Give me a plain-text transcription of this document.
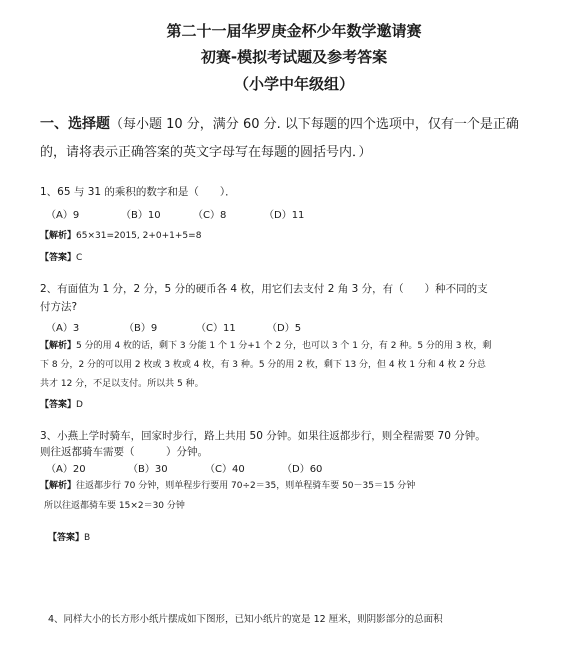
第二十一届华罗庚金杯少年数学邀请赛
初赛-模拟考试题及参考答案
（小学中年级组）
一、选择题（每小题 10 分，满分 60 分. 以下每题的四个选项中，仅有一个是正确
的，请将表示正确答案的英文字母写在每题的圆括号内．）
1、65 与 31 的乘积的数字和是（　　）．
（A）9	（B）10	（C）8	（D）11
【解析】65×31=2015, 2+0+1+5=8
【答案】C
2、有面值为 1 分，2 分，5 分的硬币各 4 枚，用它们去支付 2 角 3 分，有（　　）种不同的支
付方法?
（A）3	（B）9	（C）11	（D）5
【解析】5 分的用 4 枚的话，剩下 3 分能 1 个 1 分+1 个 2 分，也可以 3 个 1 分，有 2 种。5 分的用 3 枚，剩
下 8 分，2 分的可以用 2 枚或 3 枚或 4 枚，有 3 种。5 分的用 2 枚，剩下 13 分，但 4 枚 1 分和 4 枚 2 分总
共才 12 分，不足以支付。所以共 5 种。
【答案】D
3、小燕上学时骑车，回家时步行，路上共用 50 分钟。如果往返都步行，则全程需要 70 分钟。
则往返都骑车需要（　　　）分钟。
（A）20	（B）30	（C）40	（D）60
【解析】往返都步行 70 分钟，则单程步行要用 70÷2＝35，则单程骑车要 50－35＝15 分钟
所以往返都骑车要 15×2＝30 分钟
【答案】B
4、同样大小的长方形小纸片摆成如下图形，已知小纸片的宽是 12 厘米，则阴影部分的总面积
